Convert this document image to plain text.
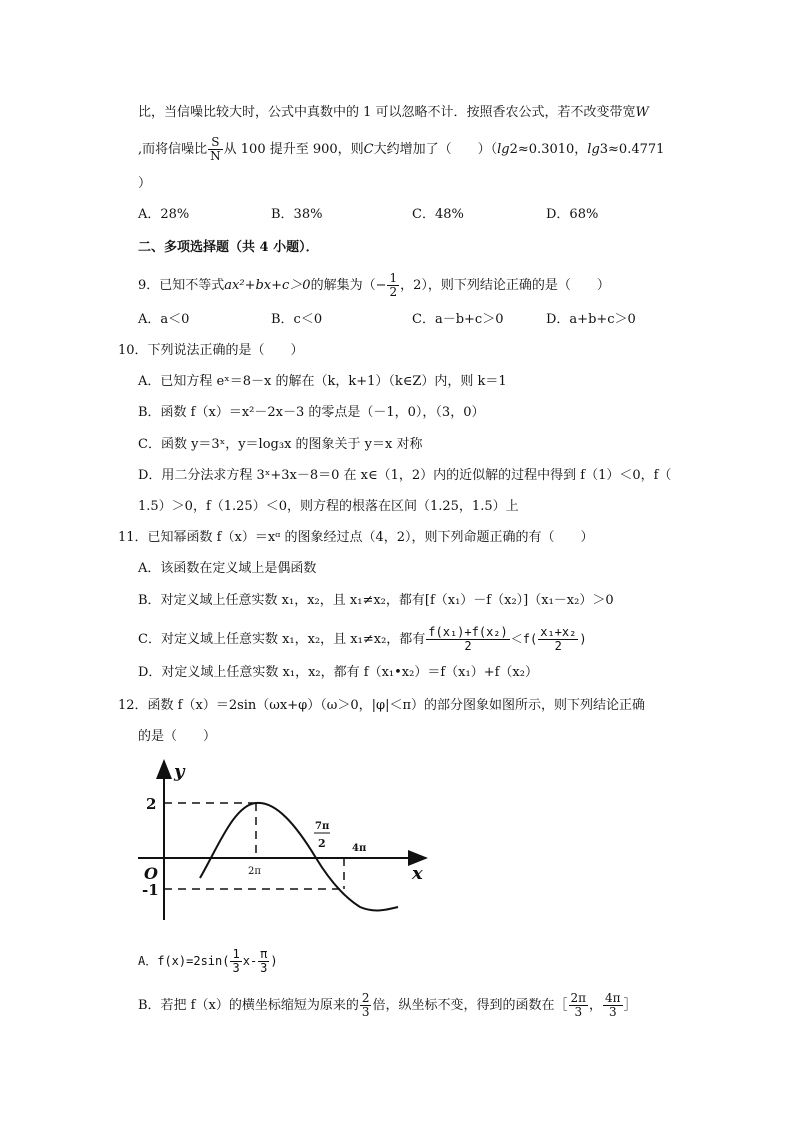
比，当信噪比较大时，公式中真数中的 1 可以忽略不计．按照香农公式，若不改变带宽W
,而将信噪比 $\frac{S}{N}$ 从 100 提升至 900，则C大约增加了（　　）（lg2≈0.3010，lg3≈0.4771
）
A．28%	B．38%	C．48%	D．68%
二、多项选择题（共 4 小题）．
9．已知不等式ax²+bx+c＞0的解集为（− $\frac{1}{2}$ ，2），则下列结论正确的是（　　）
A．a＜0	B．c＜0	C．a－b+c＞0	D．a+b+c＞0
10．下列说法正确的是（　　）
A．已知方程 eˣ＝8－x 的解在（k，k+1）（k∈Z）内，则 k＝1
B．函数 f（x）＝x²－2x－3 的零点是（－1，0），（3，0）
C．函数 y＝3ˣ，y＝log₃x 的图象关于 y＝x 对称
D．用二分法求方程 3ˣ+3x－8＝0 在 x∈（1，2）内的近似解的过程中得到 f（1）＜0，f（
1.5）＞0，f（1.25）＜0，则方程的根落在区间（1.25，1.5）上
11．已知幂函数 f（x）＝xᵅ 的图象经过点（4，2），则下列命题正确的有（　　）
A．该函数在定义域上是偶函数
B．对定义域上任意实数 x₁，x₂，且 x₁≠x₂，都有[f（x₁）－f（x₂）]（x₁－x₂）＞0
C．对定义域上任意实数 x₁，x₂，且 x₁≠x₂，都有 $\frac{\text{f(x₁)+f(x₂)}}{2} <f( \frac{\text{x₁+x₂}}{2}$ )
D．对定义域上任意实数 x₁，x₂，都有 f（x₁•x₂）＝f（x₁）+f（x₂）
12．函数 f（x）＝2sin（ωx+φ）（ω＞0，|φ|＜π）的部分图象如图所示，则下列结论正确
的是（　　）
y
x
O
2
-1
2π
7π
2	4π
A．$f(x)=2\sin( \frac{1}{3} x- \frac{\pi}{3}$ )
B．若把 f（x）的横坐标缩短为原来的 $\frac{2}{3}$ 倍，纵坐标不变，得到的函数在［ $\frac{2\pi}{3}$ ， $\frac{4\pi}{3}$ ］
